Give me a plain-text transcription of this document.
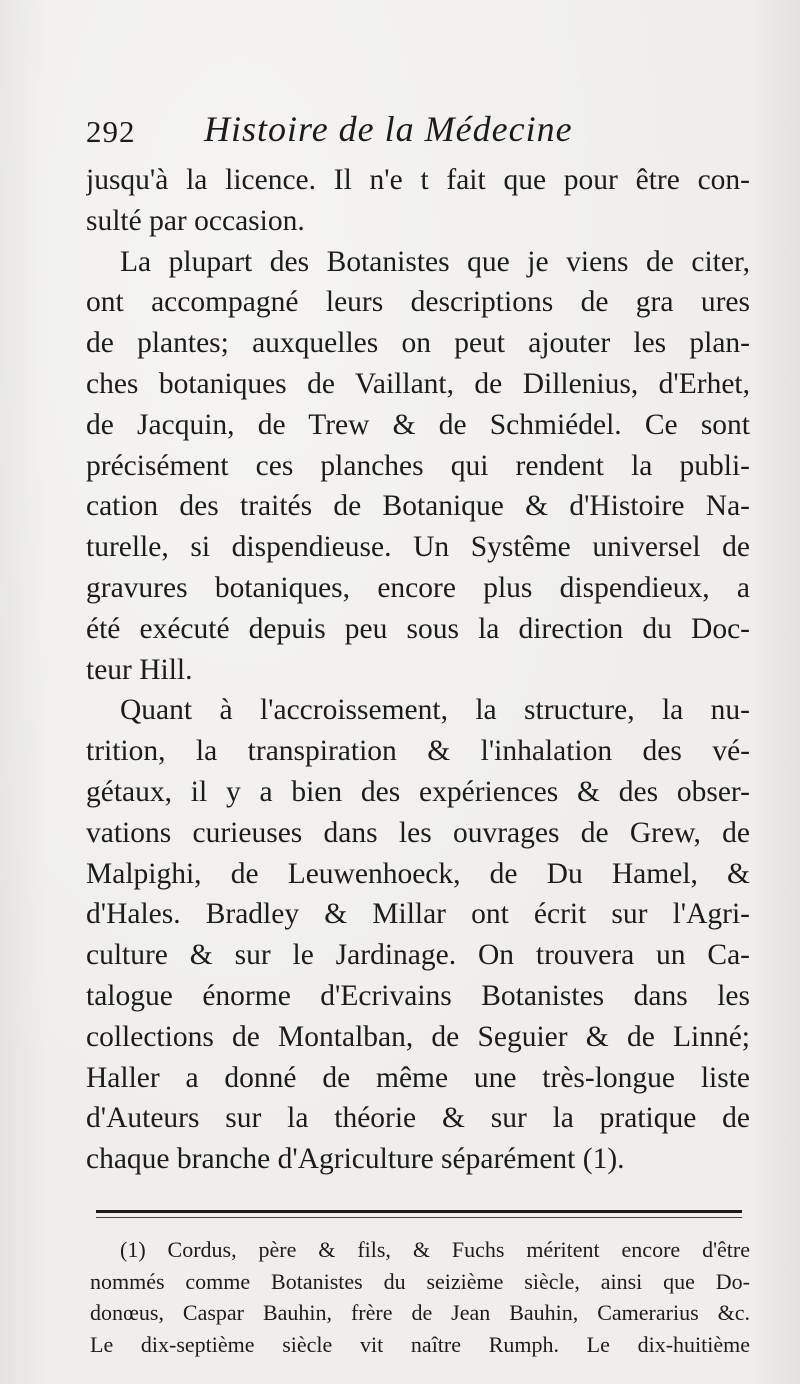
292 Histoire de la Médecine
jusqu'à la licence. Il n'e t fait que pour être con-
sulté par occasion.
La plupart des Botanistes que je viens de citer,
ont accompagné leurs descriptions de gra ures
de plantes; auxquelles on peut ajouter les plan-
ches botaniques de Vaillant, de Dillenius, d'Erhet,
de Jacquin, de Trew & de Schmiédel. Ce sont
précisément ces planches qui rendent la publi-
cation des traités de Botanique & d'Histoire Na-
turelle, si dispendieuse. Un Systême universel de
gravures botaniques, encore plus dispendieux, a
été exécuté depuis peu sous la direction du Doc-
teur Hill.
Quant à l'accroissement, la structure, la nu-
trition, la transpiration & l'inhalation des vé-
gétaux, il y a bien des expériences & des obser-
vations curieuses dans les ouvrages de Grew, de
Malpighi, de Leuwenhoeck, de Du Hamel, &
d'Hales. Bradley & Millar ont écrit sur l'Agri-
culture & sur le Jardinage. On trouvera un Ca-
talogue énorme d'Ecrivains Botanistes dans les
collections de Montalban, de Seguier & de Linné;
Haller a donné de même une très-longue liste
d'Auteurs sur la théorie & sur la pratique de
chaque branche d'Agriculture séparément (1).
(1) Cordus, père & fils, & Fuchs méritent encore d'être
nommés comme Botanistes du seizième siècle, ainsi que Do-
donœus, Caspar Bauhin, frère de Jean Bauhin, Camerarius &c.
Le dix-septième siècle vit naître Rumph. Le dix-huitième
